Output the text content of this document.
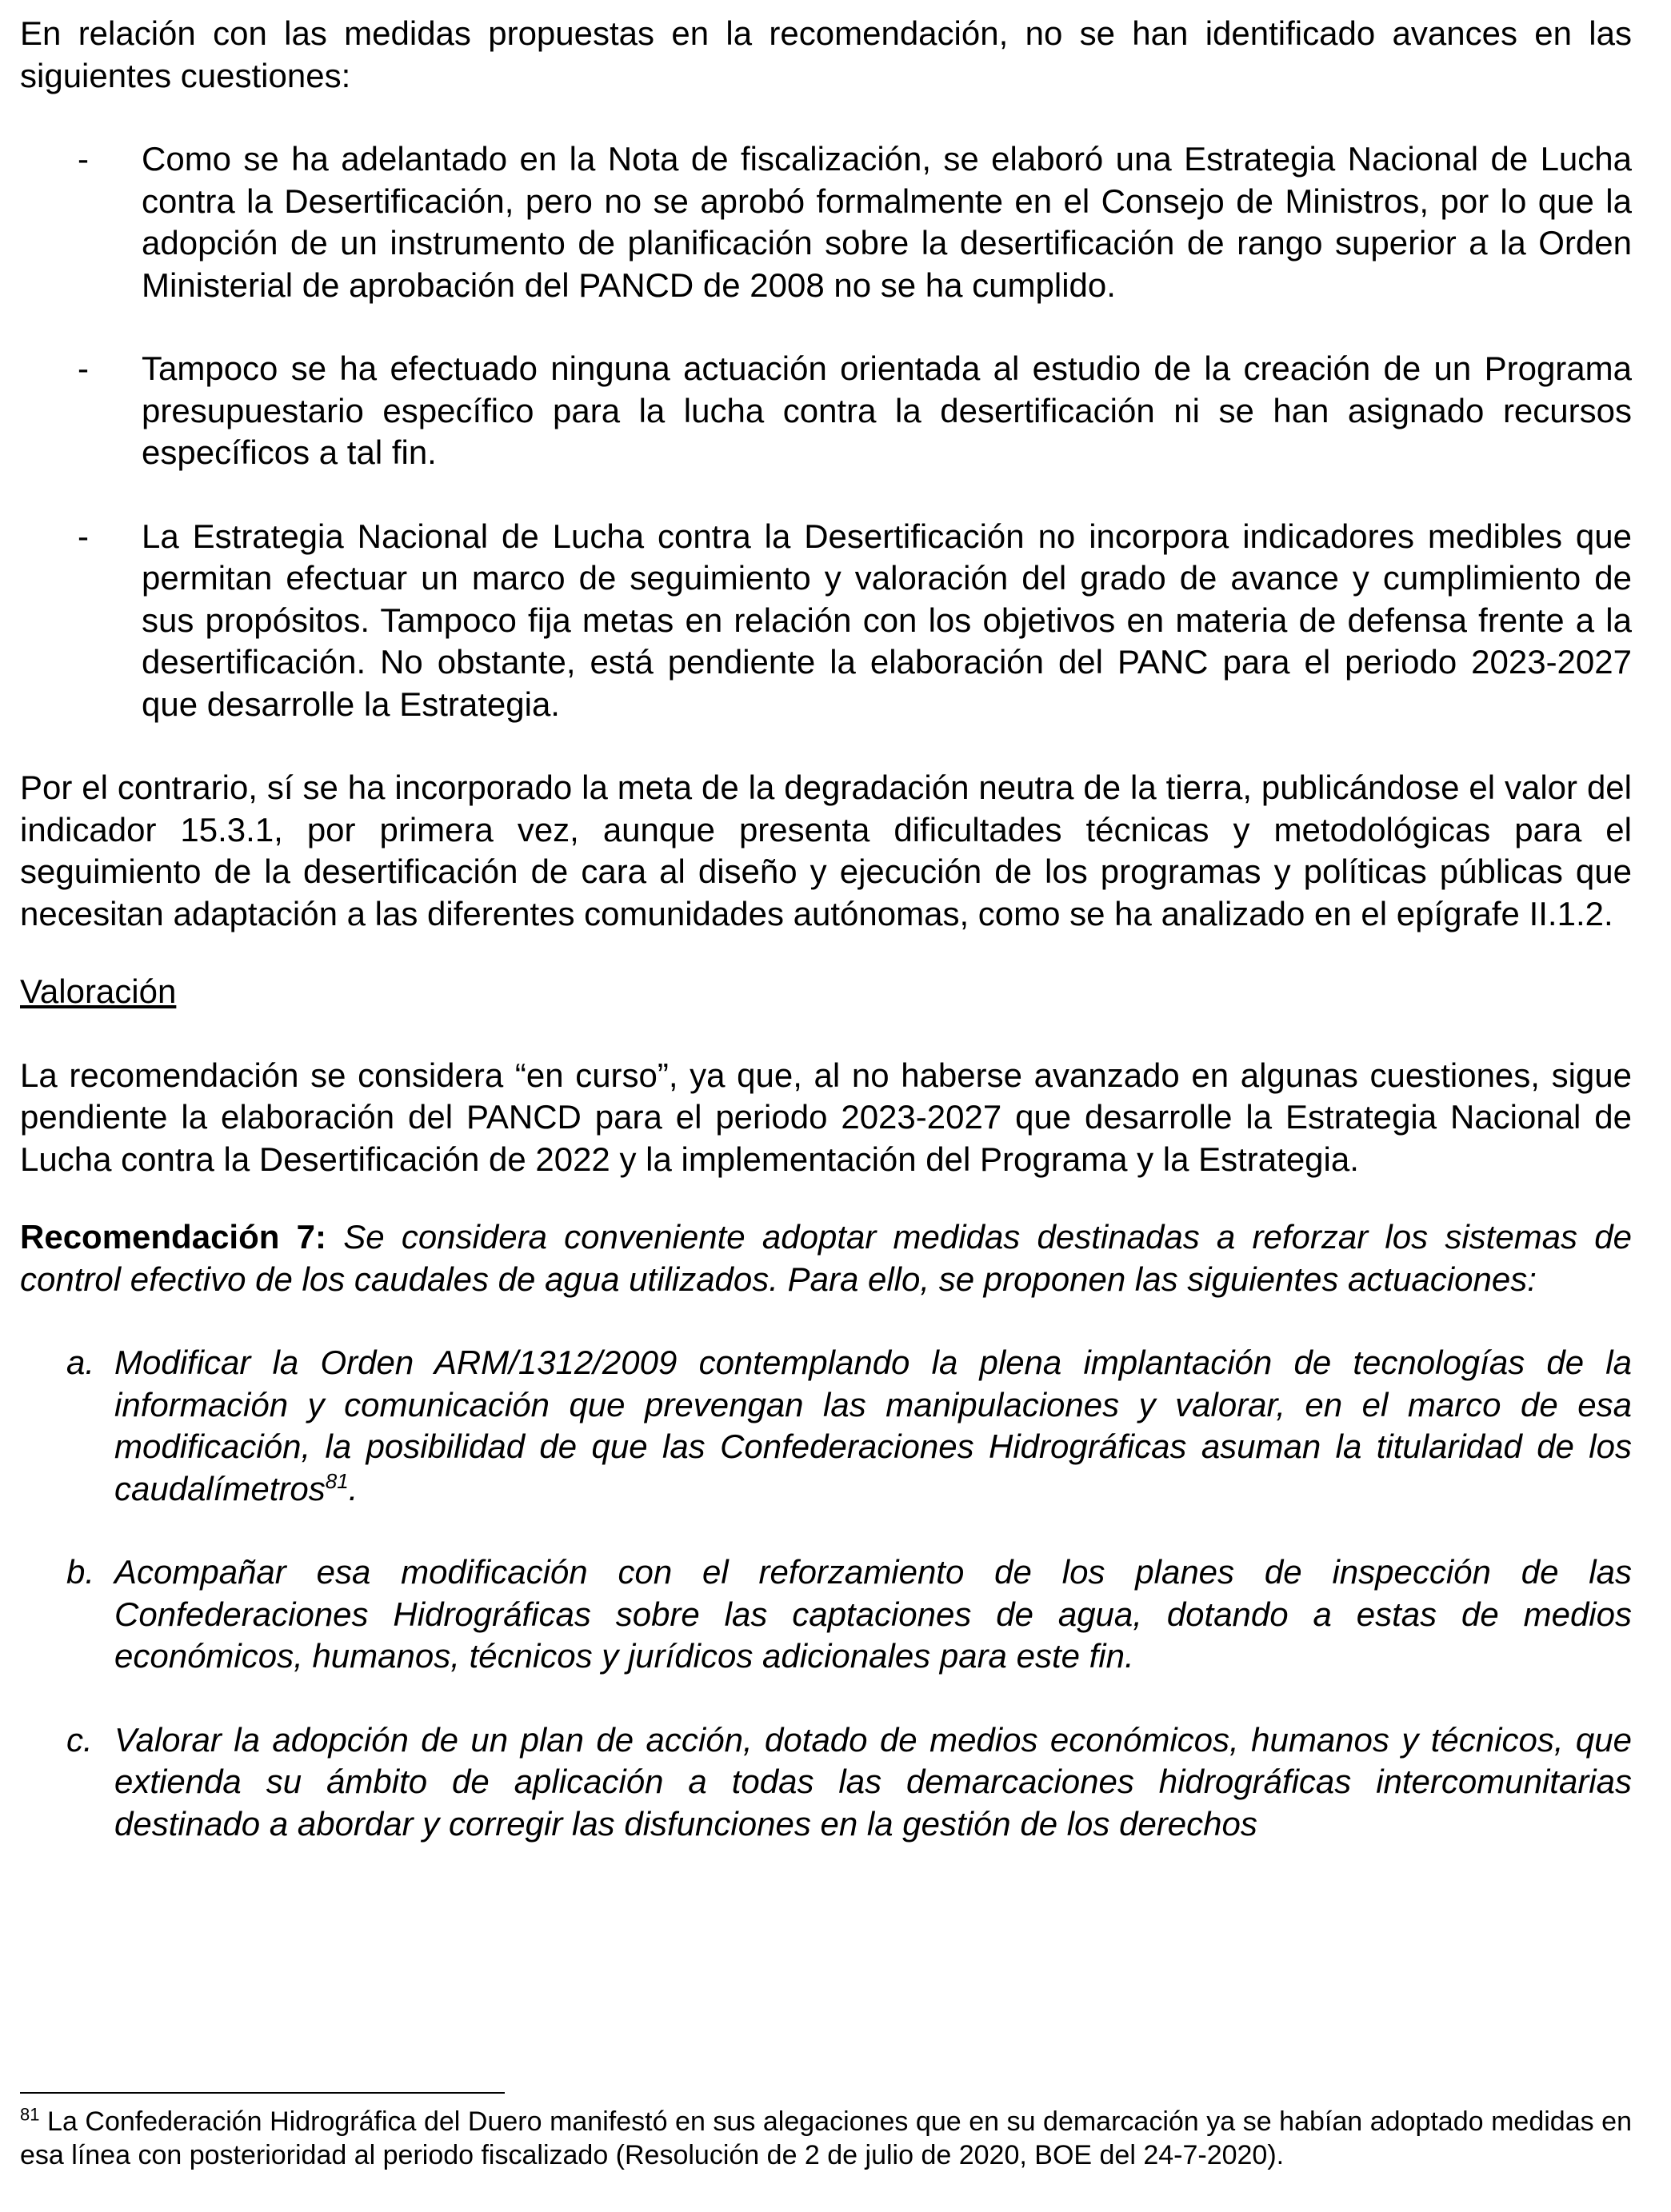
En relación con las medidas propuestas en la recomendación, no se han identificado avances en las siguientes cuestiones:

- Como se ha adelantado en la Nota de fiscalización, se elaboró una Estrategia Nacional de Lucha contra la Desertificación, pero no se aprobó formalmente en el Consejo de Ministros, por lo que la adopción de un instrumento de planificación sobre la desertificación de rango superior a la Orden Ministerial de aprobación del PANCD de 2008 no se ha cumplido.
- Tampoco se ha efectuado ninguna actuación orientada al estudio de la creación de un Programa presupuestario específico para la lucha contra la desertificación ni se han asignado recursos específicos a tal fin.
- La Estrategia Nacional de Lucha contra la Desertificación no incorpora indicadores medibles que permitan efectuar un marco de seguimiento y valoración del grado de avance y cumplimiento de sus propósitos. Tampoco fija metas en relación con los objetivos en materia de defensa frente a la desertificación. No obstante, está pendiente la elaboración del PANC para el periodo 2023-2027 que desarrolle la Estrategia.

Por el contrario, sí se ha incorporado la meta de la degradación neutra de la tierra, publicándose el valor del indicador 15.3.1, por primera vez, aunque presenta dificultades técnicas y metodológicas para el seguimiento de la desertificación de cara al diseño y ejecución de los programas y políticas públicas que necesitan adaptación a las diferentes comunidades autónomas, como se ha analizado en el epígrafe II.1.2.

Valoración

La recomendación se considera “en curso”, ya que, al no haberse avanzado en algunas cuestiones, sigue pendiente la elaboración del PANCD para el periodo 2023-2027 que desarrolle la Estrategia Nacional de Lucha contra la Desertificación de 2022 y la implementación del Programa y la Estrategia.

Recomendación 7: Se considera conveniente adoptar medidas destinadas a reforzar los sistemas de control efectivo de los caudales de agua utilizados. Para ello, se proponen las siguientes actuaciones:

a. Modificar la Orden ARM/1312/2009 contemplando la plena implantación de tecnologías de la información y comunicación que prevengan las manipulaciones y valorar, en el marco de esa modificación, la posibilidad de que las Confederaciones Hidrográficas asuman la titularidad de los caudalímetros$^{81}$.
b. Acompañar esa modificación con el reforzamiento de los planes de inspección de las Confederaciones Hidrográficas sobre las captaciones de agua, dotando a estas de medios económicos, humanos, técnicos y jurídicos adicionales para este fin.
c. Valorar la adopción de un plan de acción, dotado de medios económicos, humanos y técnicos, que extienda su ámbito de aplicación a todas las demarcaciones hidrográficas intercomunitarias destinado a abordar y corregir las disfunciones en la gestión de los derechos

$^{81}$ La Confederación Hidrográfica del Duero manifestó en sus alegaciones que en su demarcación ya se habían adoptado medidas en esa línea con posterioridad al periodo fiscalizado (Resolución de 2 de julio de 2020, BOE del 24-7-2020).
